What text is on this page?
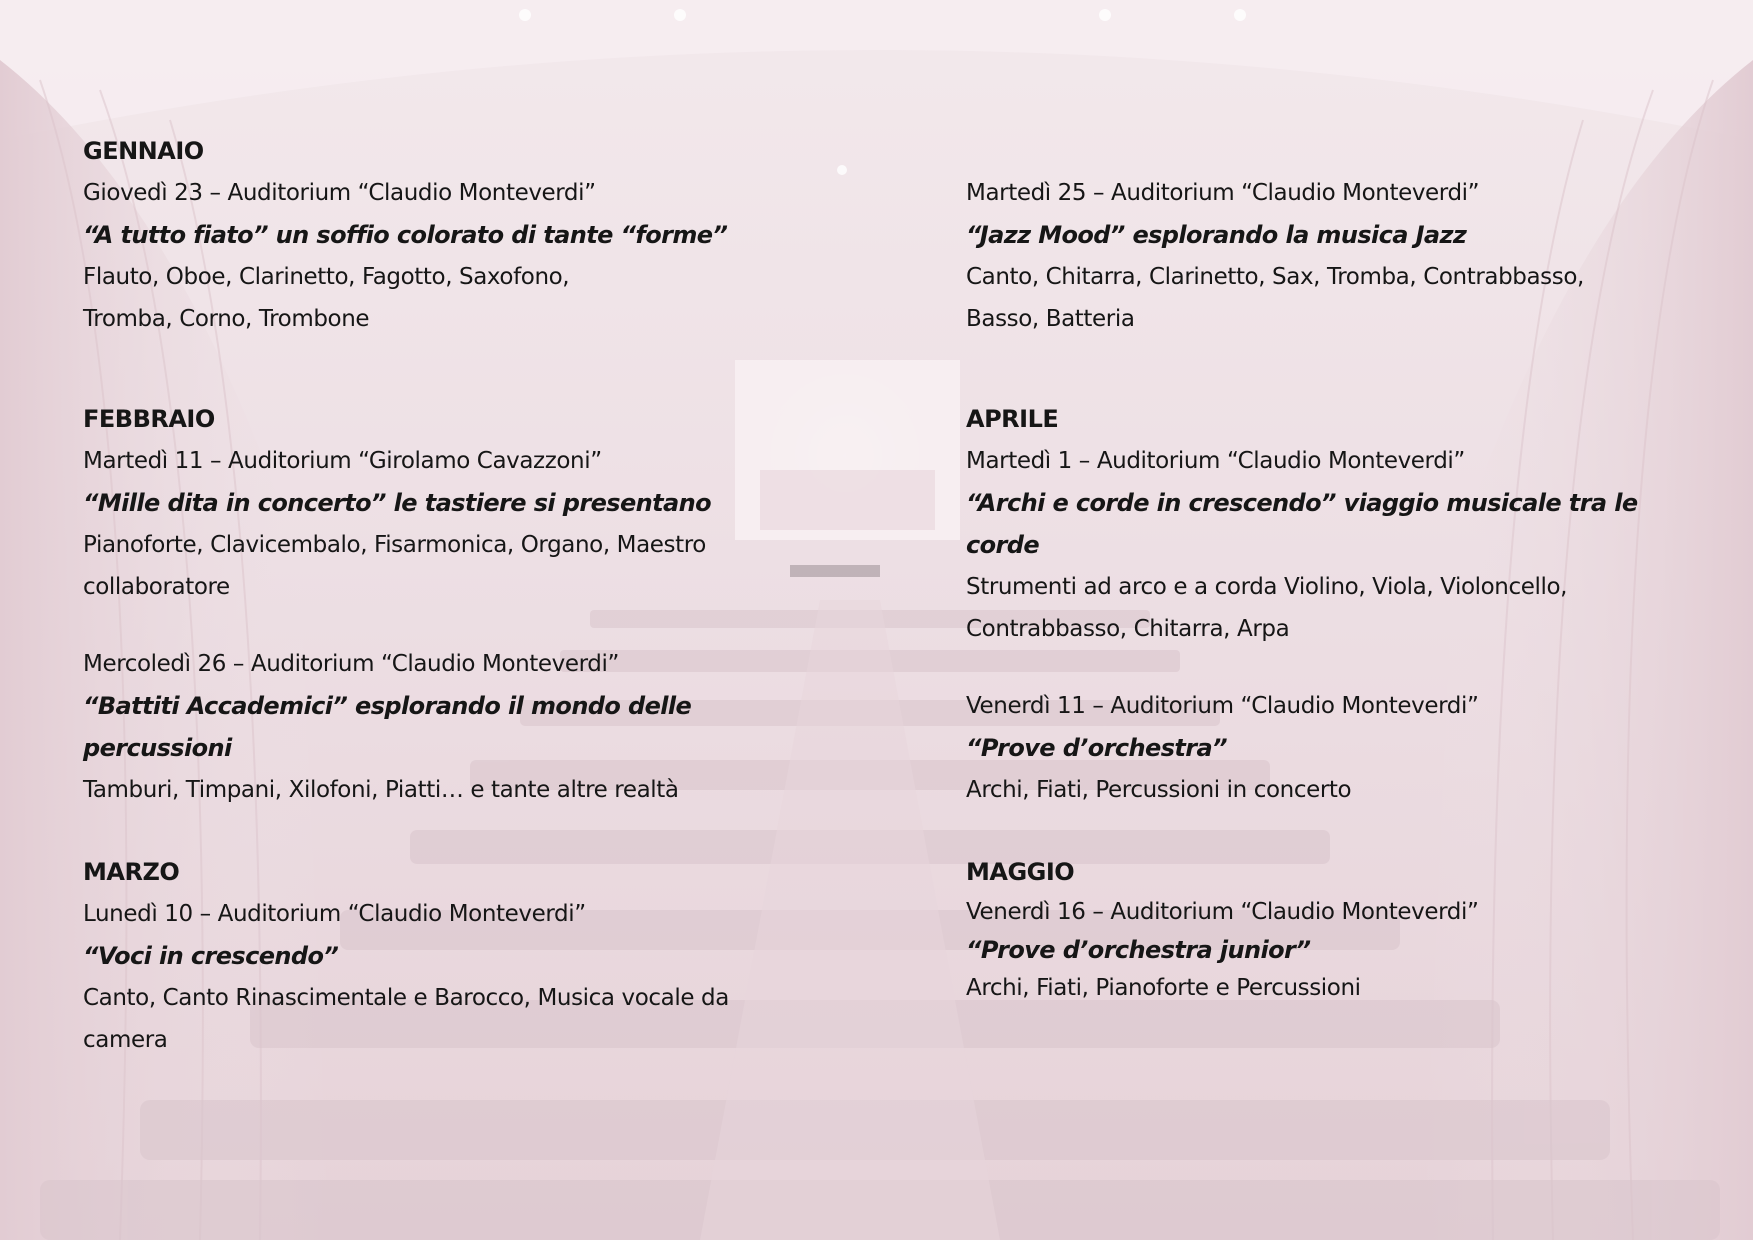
GENNAIO
Giovedì 23 – Auditorium “Claudio Monteverdi”
“A tutto fiato” un soffio colorato di tante “forme”
Flauto, Oboe, Clarinetto, Fagotto, Saxofono, Tromba, Corno, Trombone
FEBBRAIO
Martedì 11 – Auditorium “Girolamo Cavazzoni”
“Mille dita in concerto” le tastiere si presentano
Pianoforte, Clavicembalo, Fisarmonica, Organo, Maestro collaboratore
Mercoledì 26 – Auditorium “Claudio Monteverdi”
“Battiti Accademici” esplorando il mondo delle percussioni
Tamburi, Timpani, Xilofoni, Piatti… e tante altre realtà
MARZO
Lunedì 10 – Auditorium “Claudio Monteverdi”
“Voci in crescendo”
Canto, Canto Rinascimentale e Barocco, Musica vocale da camera
Martedì 25 – Auditorium “Claudio Monteverdi”
“Jazz Mood” esplorando la musica Jazz
Canto, Chitarra, Clarinetto, Sax, Tromba, Contrabbasso, Basso, Batteria
APRILE
Martedì 1 – Auditorium “Claudio Monteverdi”
“Archi e corde in crescendo” viaggio musicale tra le corde
Strumenti ad arco e a corda Violino, Viola, Violoncello, Contrabbasso, Chitarra, Arpa
Venerdì 11 – Auditorium “Claudio Monteverdi”
“Prove d’orchestra”
Archi, Fiati, Percussioni in concerto
MAGGIO
Venerdì 16 – Auditorium “Claudio Monteverdi”
“Prove d’orchestra junior”
Archi, Fiati, Pianoforte e Percussioni
